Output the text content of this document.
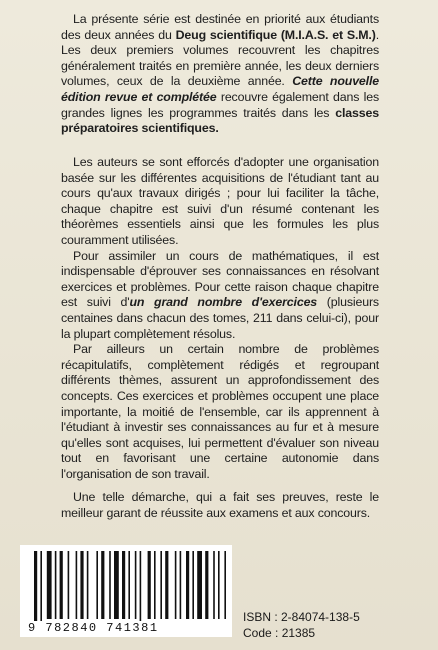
La présente série est destinée en priorité aux étudiants des deux années du Deug scientifique (M.I.A.S. et S.M.). Les deux premiers volumes recouvrent les chapitres généralement traités en première année, les deux derniers volumes, ceux de la deuxième année. Cette nouvelle édition revue et complétée recouvre également dans les grandes lignes les programmes traités dans les classes préparatoires scientifiques.

Les auteurs se sont efforcés d'adopter une organisation basée sur les différentes acquisitions de l'étudiant tant au cours qu'aux travaux dirigés ; pour lui faciliter la tâche, chaque chapitre est suivi d'un résumé contenant les théorèmes essentiels ainsi que les formules les plus couramment utilisées.

Pour assimiler un cours de mathématiques, il est indispensable d'éprouver ses connaissances en résolvant exercices et problèmes. Pour cette raison chaque chapitre est suivi d'un grand nombre d'exercices (plusieurs centaines dans chacun des tomes, 211 dans celui-ci), pour la plupart complètement résolus.

Par ailleurs un certain nombre de problèmes récapitulatifs, complètement rédigés et regroupant différents thèmes, assurent un approfondissement des concepts. Ces exercices et problèmes occupent une place importante, la moitié de l'ensemble, car ils apprennent à l'étudiant à investir ses connaissances au fur et à mesure qu'elles sont acquises, lui permettent d'évaluer son niveau tout en favorisant une certaine autonomie dans l'organisation de son travail.

Une telle démarche, qui a fait ses preuves, reste le meilleur garant de réussite aux examens et aux concours.

9 782840 741381
ISBN : 2-84074-138-5
Code : 21385
